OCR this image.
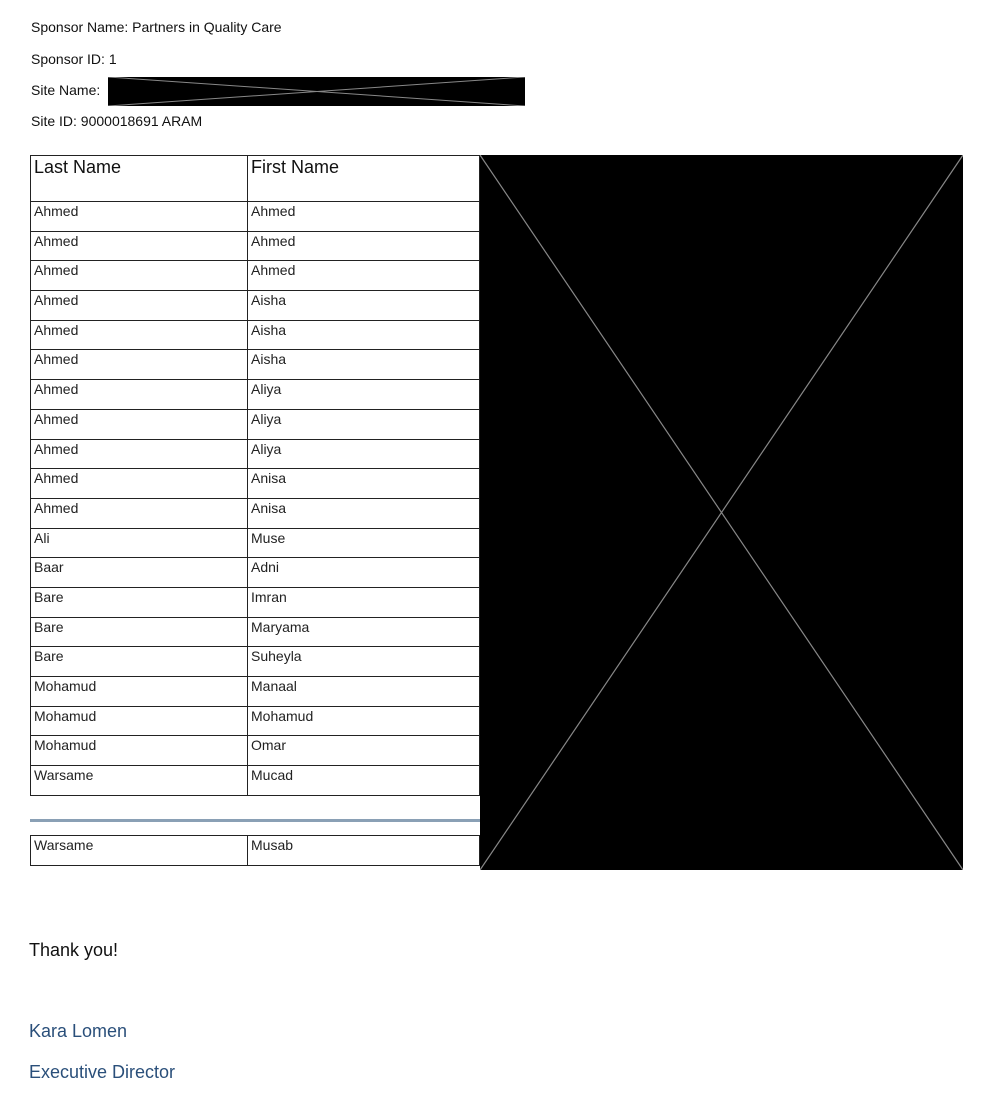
Sponsor Name: Partners in Quality Care
Sponsor ID: 1
Site Name:
Site ID: 9000018691 ARAM
Last Name	First Name
Ahmed	Ahmed
Ahmed	Ahmed
Ahmed	Ahmed
Ahmed	Aisha
Ahmed	Aisha
Ahmed	Aisha
Ahmed	Aliya
Ahmed	Aliya
Ahmed	Aliya
Ahmed	Anisa
Ahmed	Anisa
Ali	Muse
Baar	Adni
Bare	Imran
Bare	Maryama
Bare	Suheyla
Mohamud	Manaal
Mohamud	Mohamud
Mohamud	Omar
Warsame	Mucad
Warsame	Musab
Thank you!
Kara Lomen
Executive Director
